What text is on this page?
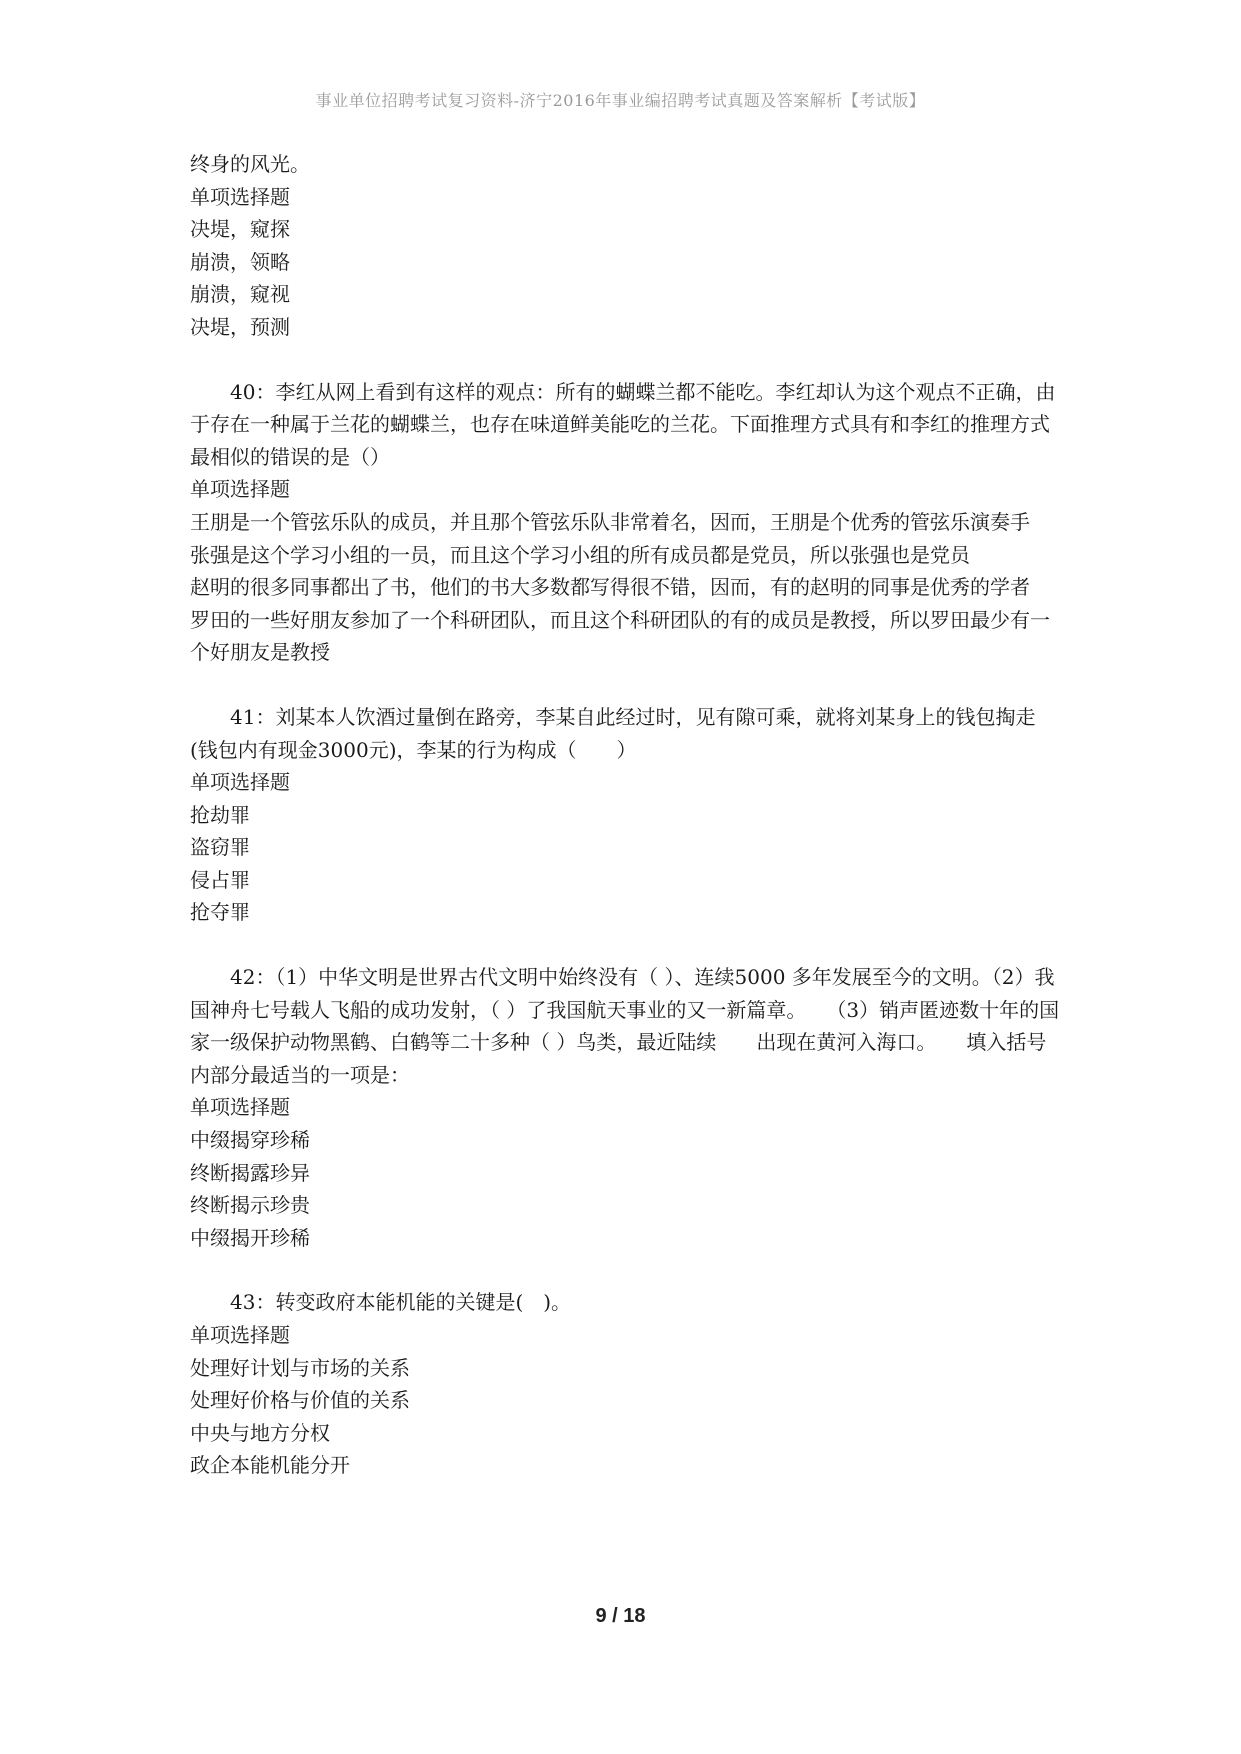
事业单位招聘考试复习资料-济宁2016年事业编招聘考试真题及答案解析【考试版】
终身的风光。
单项选择题
决堤，窥探
崩溃，领略
崩溃，窥视
决堤，预测
40：李红从网上看到有这样的观点：所有的蝴蝶兰都不能吃。李红却认为这个观点不正确，由于存在一种属于兰花的蝴蝶兰，也存在味道鲜美能吃的兰花。下面推理方式具有和李红的推理方式最相似的错误的是（）
单项选择题
王朋是一个管弦乐队的成员，并且那个管弦乐队非常着名，因而，王朋是个优秀的管弦乐演奏手
张强是这个学习小组的一员，而且这个学习小组的所有成员都是党员，所以张强也是党员
赵明的很多同事都出了书，他们的书大多数都写得很不错，因而，有的赵明的同事是优秀的学者
罗田的一些好朋友参加了一个科研团队，而且这个科研团队的有的成员是教授，所以罗田最少有一个好朋友是教授
41：刘某本人饮酒过量倒在路旁，李某自此经过时，见有隙可乘，就将刘某身上的钱包掏走(钱包内有现金3000元)，李某的行为构成（　　）
单项选择题
抢劫罪
盗窃罪
侵占罪
抢夺罪
42：（1）中华文明是世界古代文明中始终没有（ ）、连续5000 多年发展至今的文明。（2）我国神舟七号载人飞船的成功发射，（ ）了我国航天事业的又一新篇章。　　（3）销声匿迹数十年的国家一级保护动物黑鹤、白鹤等二十多种（ ）鸟类，最近陆续　　出现在黄河入海口。　　填入括号内部分最适当的一项是：
单项选择题
中缀揭穿珍稀
终断揭露珍异
终断揭示珍贵
中缀揭开珍稀
43：转变政府本能机能的关键是(　)。
单项选择题
处理好计划与市场的关系
处理好价格与价值的关系
中央与地方分权
政企本能机能分开
9 / 18
